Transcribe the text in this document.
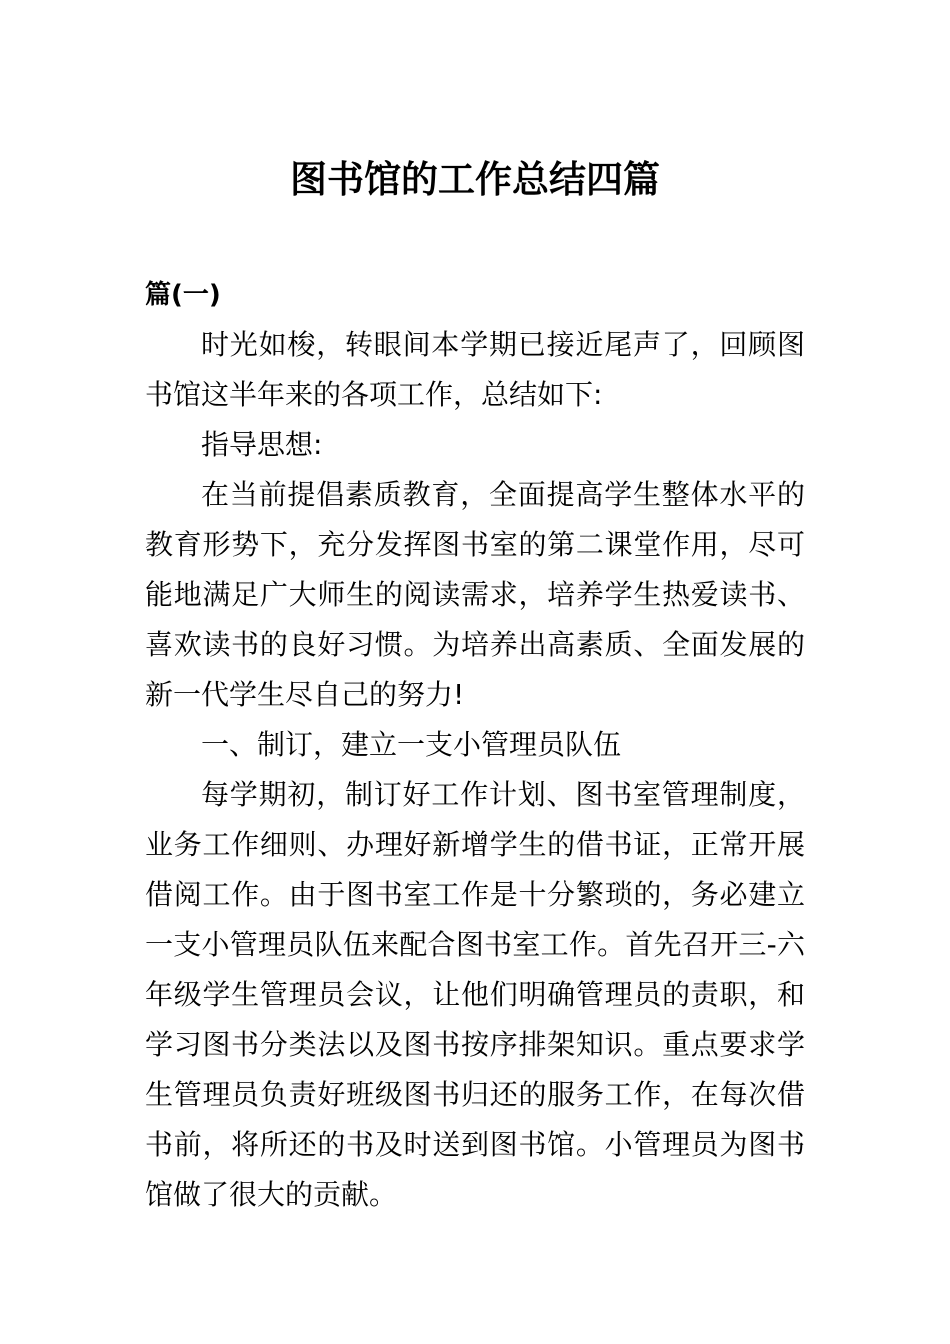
图书馆的工作总结四篇

篇(一)

时光如梭，转眼间本学期已接近尾声了，回顾图书馆这半年来的各项工作，总结如下:

指导思想:

在当前提倡素质教育，全面提高学生整体水平的教育形势下，充分发挥图书室的第二课堂作用，尽可能地满足广大师生的阅读需求，培养学生热爱读书、喜欢读书的良好习惯。为培养出高素质、全面发展的新一代学生尽自己的努力!

一、制订，建立一支小管理员队伍

每学期初，制订好工作计划、图书室管理制度，业务工作细则、办理好新增学生的借书证，正常开展借阅工作。由于图书室工作是十分繁琐的，务必建立一支小管理员队伍来配合图书室工作。首先召开三-六年级学生管理员会议，让他们明确管理员的责职，和学习图书分类法以及图书按序排架知识。重点要求学生管理员负责好班级图书归还的服务工作，在每次借书前，将所还的书及时送到图书馆。小管理员为图书馆做了很大的贡献。
